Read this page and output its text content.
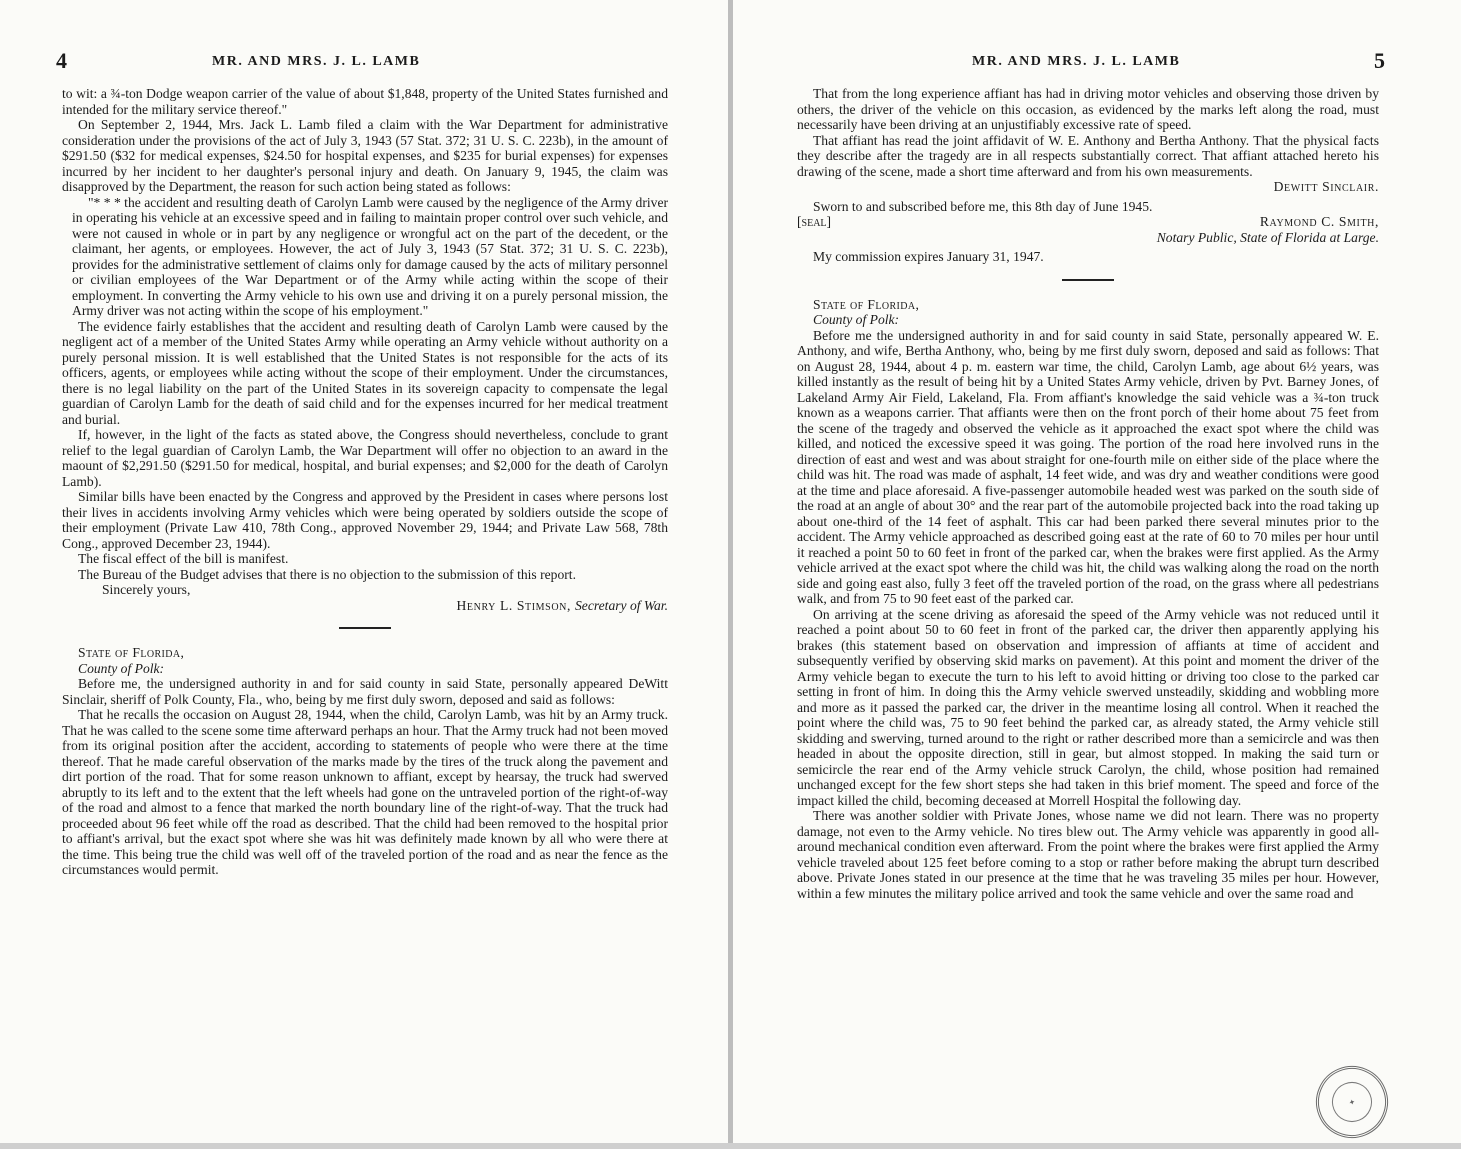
4	MR. AND MRS. J. L. LAMB

to wit: a ¾-ton Dodge weapon carrier of the value of about $1,848, property of the United States furnished and intended for the military service thereof."

On September 2, 1944, Mrs. Jack L. Lamb filed a claim with the War Department for administrative consideration under the provisions of the act of July 3, 1943 (57 Stat. 372; 31 U. S. C. 223b), in the amount of $291.50 ($32 for medical expenses, $24.50 for hospital expenses, and $235 for burial expenses) for expenses incurred by her incident to her daughter's personal injury and death. On January 9, 1945, the claim was disapproved by the Department, the reason for such action being stated as follows:

"* * * the accident and resulting death of Carolyn Lamb were caused by the negligence of the Army driver in operating his vehicle at an excessive speed and in failing to maintain proper control over such vehicle, and were not caused in whole or in part by any negligence or wrongful act on the part of the decedent, or the claimant, her agents, or employees. However, the act of July 3, 1943 (57 Stat. 372; 31 U. S. C. 223b), provides for the administrative settlement of claims only for damage caused by the acts of military personnel or civilian employees of the War Department or of the Army while acting within the scope of their employment. In converting the Army vehicle to his own use and driving it on a purely personal mission, the Army driver was not acting within the scope of his employment."

The evidence fairly establishes that the accident and resulting death of Carolyn Lamb were caused by the negligent act of a member of the United States Army while operating an Army vehicle without authority on a purely personal mission. It is well established that the United States is not responsible for the acts of its officers, agents, or employees while acting without the scope of their employment. Under the circumstances, there is no legal liability on the part of the United States in its sovereign capacity to compensate the legal guardian of Carolyn Lamb for the death of said child and for the expenses incurred for her medical treatment and burial.

If, however, in the light of the facts as stated above, the Congress should nevertheless, conclude to grant relief to the legal guardian of Carolyn Lamb, the War Department will offer no objection to an award in the maount of $2,291.50 ($291.50 for medical, hospital, and burial expenses; and $2,000 for the death of Carolyn Lamb).

Similar bills have been enacted by the Congress and approved by the President in cases where persons lost their lives in accidents involving Army vehicles which were being operated by soldiers outside the scope of their employment (Private Law 410, 78th Cong., approved November 29, 1944; and Private Law 568, 78th Cong., approved December 23, 1944).

The fiscal effect of the bill is manifest.

The Bureau of the Budget advises that there is no objection to the submission of this report.

Sincerely yours,

Henry L. Stimson, Secretary of War.

State of Florida,

County of Polk:

Before me, the undersigned authority in and for said county in said State, personally appeared DeWitt Sinclair, sheriff of Polk County, Fla., who, being by me first duly sworn, deposed and said as follows:

That he recalls the occasion on August 28, 1944, when the child, Carolyn Lamb, was hit by an Army truck. That he was called to the scene some time afterward perhaps an hour. That the Army truck had not been moved from its original position after the accident, according to statements of people who were there at the time thereof. That he made careful observation of the marks made by the tires of the truck along the pavement and dirt portion of the road. That for some reason unknown to affiant, except by hearsay, the truck had swerved abruptly to its left and to the extent that the left wheels had gone on the untraveled portion of the right-of-way of the road and almost to a fence that marked the north boundary line of the right-of-way. That the truck had proceeded about 96 feet while off the road as described. That the child had been removed to the hospital prior to affiant's arrival, but the exact spot where she was hit was definitely made known by all who were there at the time. This being true the child was well off of the traveled portion of the road and as near the fence as the circumstances would permit.

MR. AND MRS. J. L. LAMB	5

That from the long experience affiant has had in driving motor vehicles and observing those driven by others, the driver of the vehicle on this occasion, as evidenced by the marks left along the road, must necessarily have been driving at an unjustifiably excessive rate of speed.

That affiant has read the joint affidavit of W. E. Anthony and Bertha Anthony. That the physical facts they describe after the tragedy are in all respects substantially correct. That affiant attached hereto his drawing of the scene, made a short time afterward and from his own measurements.

Dewitt Sinclair.

Sworn to and subscribed before me, this 8th day of June 1945.

[seal]	Raymond C. Smith,

Notary Public, State of Florida at Large.

My commission expires January 31, 1947.

State of Florida,

County of Polk:

Before me the undersigned authority in and for said county in said State, personally appeared W. E. Anthony, and wife, Bertha Anthony, who, being by me first duly sworn, deposed and said as follows: That on August 28, 1944, about 4 p. m. eastern war time, the child, Carolyn Lamb, age about 6½ years, was killed instantly as the result of being hit by a United States Army vehicle, driven by Pvt. Barney Jones, of Lakeland Army Air Field, Lakeland, Fla. From affiant's knowledge the said vehicle was a ¾-ton truck known as a weapons carrier. That affiants were then on the front porch of their home about 75 feet from the scene of the tragedy and observed the vehicle as it approached the exact spot where the child was killed, and noticed the excessive speed it was going. The portion of the road here involved runs in the direction of east and west and was about straight for one-fourth mile on either side of the place where the child was hit. The road was made of asphalt, 14 feet wide, and was dry and weather conditions were good at the time and place aforesaid. A five-passenger automobile headed west was parked on the south side of the road at an angle of about 30° and the rear part of the automobile projected back into the road taking up about one-third of the 14 feet of asphalt. This car had been parked there several minutes prior to the accident. The Army vehicle approached as described going east at the rate of 60 to 70 miles per hour until it reached a point 50 to 60 feet in front of the parked car, when the brakes were first applied. As the Army vehicle arrived at the exact spot where the child was hit, the child was walking along the road on the north side and going east also, fully 3 feet off the traveled portion of the road, on the grass where all pedestrians walk, and from 75 to 90 feet east of the parked car.

On arriving at the scene driving as aforesaid the speed of the Army vehicle was not reduced until it reached a point about 50 to 60 feet in front of the parked car, the driver then apparently applying his brakes (this statement based on observation and impression of affiants at time of accident and subsequently verified by observing skid marks on pavement). At this point and moment the driver of the Army vehicle began to execute the turn to his left to avoid hitting or driving too close to the parked car setting in front of him. In doing this the Army vehicle swerved unsteadily, skidding and wobbling more and more as it passed the parked car, the driver in the meantime losing all control. When it reached the point where the child was, 75 to 90 feet behind the parked car, as already stated, the Army vehicle still skidding and swerving, turned around to the right or rather described more than a semicircle and was then headed in about the opposite direction, still in gear, but almost stopped. In making the said turn or semicircle the rear end of the Army vehicle struck Carolyn, the child, whose position had remained unchanged except for the few short steps she had taken in this brief moment. The speed and force of the impact killed the child, becoming deceased at Morrell Hospital the following day.

There was another soldier with Private Jones, whose name we did not learn. There was no property damage, not even to the Army vehicle. No tires blew out. The Army vehicle was apparently in good all-around mechanical condition even afterward. From the point where the brakes were first applied the Army vehicle traveled about 125 feet before coming to a stop or rather before making the abrupt turn described above. Private Jones stated in our presence at the time that he was traveling 35 miles per hour. However, within a few minutes the military police arrived and took the same vehicle and over the same road and

✦
